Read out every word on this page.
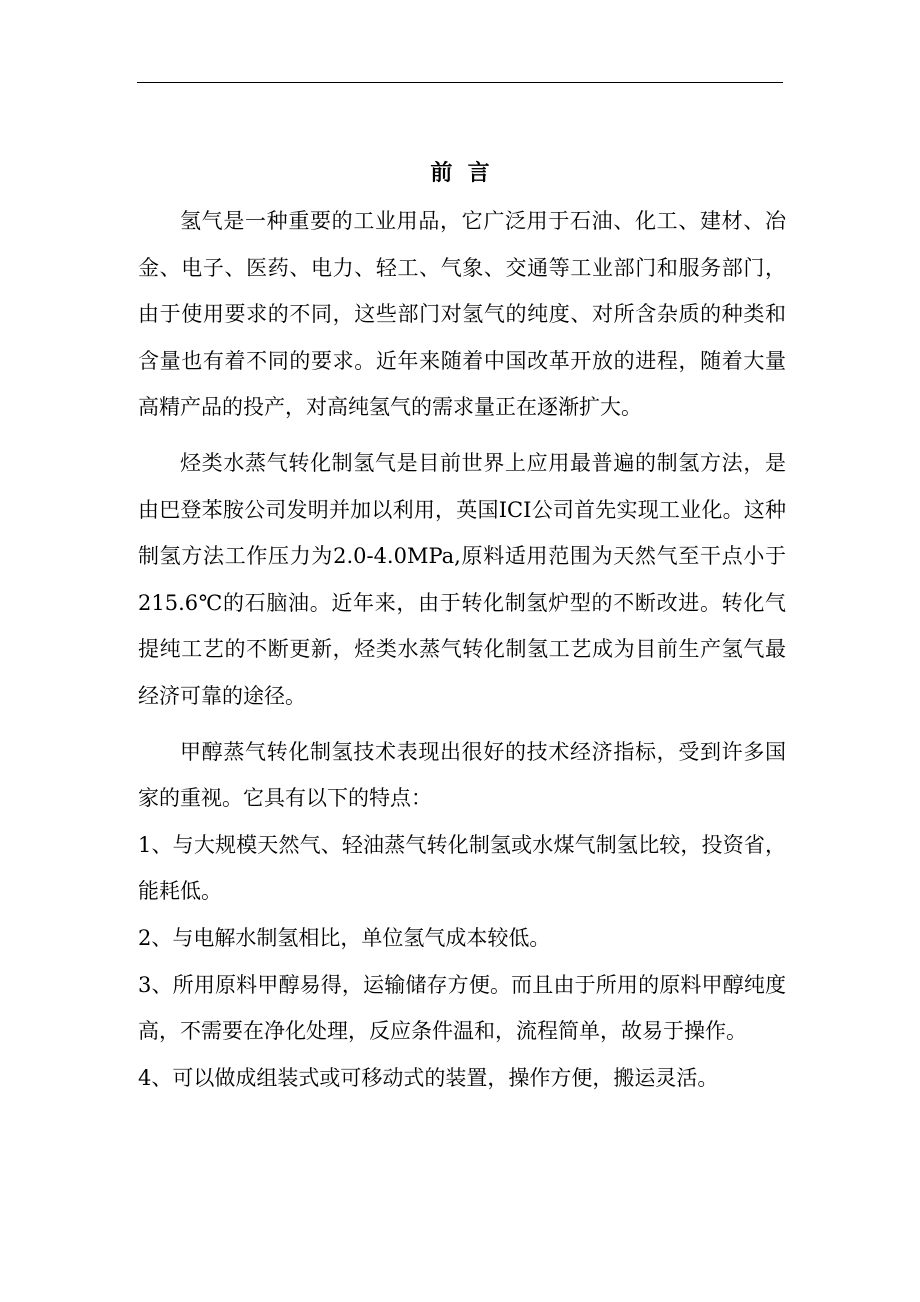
前  言

氢气是一种重要的工业用品，它广泛用于石油、化工、建材、冶金、电子、医药、电力、轻工、气象、交通等工业部门和服务部门，由于使用要求的不同，这些部门对氢气的纯度、对所含杂质的种类和含量也有着不同的要求。近年来随着中国改革开放的进程，随着大量高精产品的投产，对高纯氢气的需求量正在逐渐扩大。

烃类水蒸气转化制氢气是目前世界上应用最普遍的制氢方法，是由巴登苯胺公司发明并加以利用，英国ICI公司首先实现工业化。这种制氢方法工作压力为2.0-4.0MPa,原料适用范围为天然气至干点小于215.6℃的石脑油。近年来，由于转化制氢炉型的不断改进。转化气提纯工艺的不断更新，烃类水蒸气转化制氢工艺成为目前生产氢气最经济可靠的途径。

甲醇蒸气转化制氢技术表现出很好的技术经济指标，受到许多国家的重视。它具有以下的特点：

1、与大规模天然气、轻油蒸气转化制氢或水煤气制氢比较，投资省，能耗低。

2、与电解水制氢相比，单位氢气成本较低。

3、所用原料甲醇易得，运输储存方便。而且由于所用的原料甲醇纯度高，不需要在净化处理，反应条件温和，流程简单，故易于操作。

4、可以做成组装式或可移动式的装置，操作方便，搬运灵活。
